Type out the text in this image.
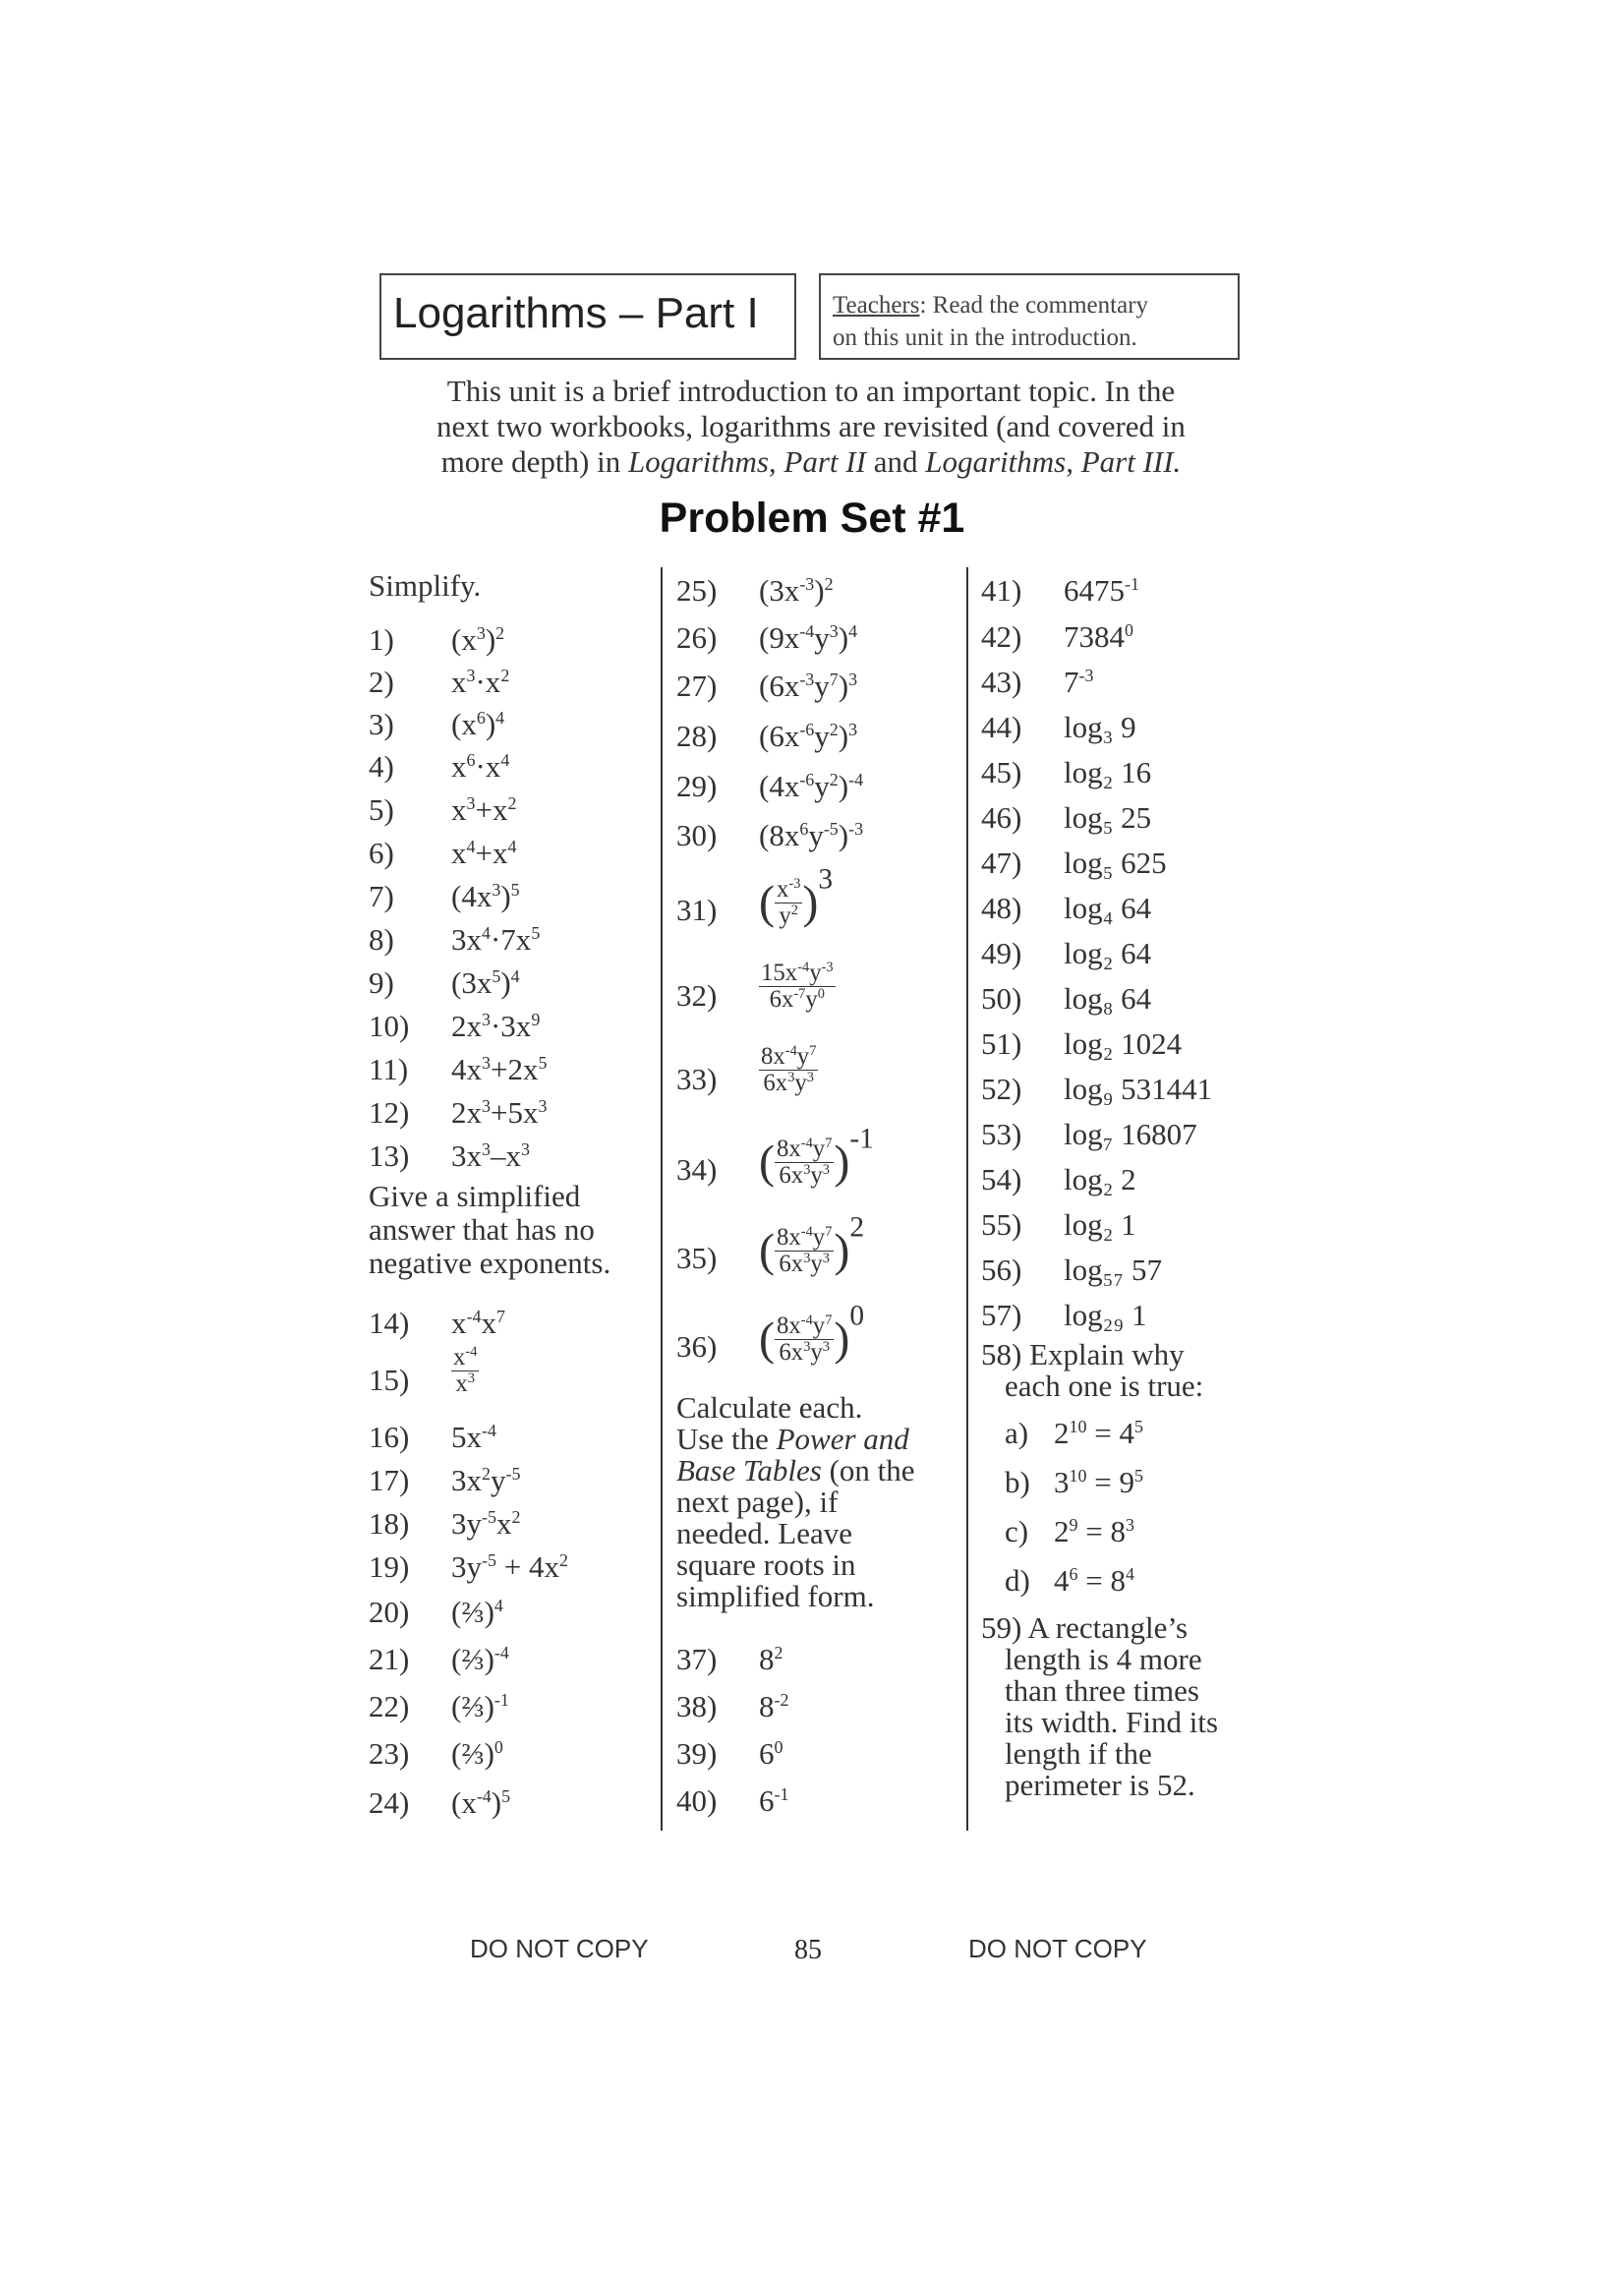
Logarithms – Part I	Teachers: Read the commentary
on this unit in the introduction.
This unit is a brief introduction to an important topic. In the
next two workbooks, logarithms are revisited (and covered in
more depth) in Logarithms, Part II and Logarithms, Part III.
Problem Set #1
Simplify.
1) $(x^3)^2$
2) $x^3\cdot x^2$
3) $(x^6)^4$
4) $x^6\cdot x^4$
5) $x^3+x^2$
6) $x^4+x^4$
7) $(4x^3)^5$
8) $3x^4\cdot 7x^5$
9) $(3x^5)^4$
10) $2x^3\cdot 3x^9$
11) $4x^3+2x^5$
12) $2x^3+5x^3$
13) $3x^3-x^3$
Give a simplified
answer that has no
negative exponents.
14) $x^{-4}x^7$
$15) \frac{x^{-4}}{x^3}$
16) $5x^{-4}$
17) $3x^2y^{-5}$
18) $3y^{-5}x^2$
19) $3y^{-5} + 4x^2$
20) (⅔)$^4$
21) (⅔)$^{-4}$
22) (⅔)$^{-1}$
23) (⅔)$^0$
24) $(x^{-4})^5$
25) $(3x^{-3})^2$
26) $(9x^{-4}y^3)^4$
27) $(6x^{-3}y^7)^3$
28) $(6x^{-6}y^2)^3$
29) $(4x^{-6}y^2)^{-4}$
30) $(8x^6y^{-5})^{-3}$
31) ( $\frac{x^{-3}}{y^2} )3$
$32) \frac{15x^{-4}y^{-3}}{6x^{-7}y^0}$
$33) \frac{8x^{-4}y^7}{6x^3y^3}$
34) ( $\frac{8x^{-4}y^7}{6x^3y^3} )-1$
35) ( $\frac{8x^{-4}y^7}{6x^3y^3} )2$
36) ( $\frac{8x^{-4}y^7}{6x^3y^3} )0$
Calculate each.
Use the Power and
Base Tables (on the
next page), if
needed. Leave
square roots in
simplified form.
37) $8^2$
38) $8^{-2}$
39) $6^0$
40) $6^{-1}$
41) $6475^{-1}$
42) 7384$^0$
43) $7^{-3}$
44) log₃ 9
45) log₂ 16
46) log₅ 25
47) log₅ 625
48) log₄ 64
49) log₂ 64
50) log₈ 64
51) log₂ 1024
52) log₉ 531441
53) log₇ 16807
54) log₂ 2
55) log₂ 1
56) log₅₇ 57
57) log₂₉ 1
58) Explain why
each one is true:
a) $2^{10} = 4^5$
b) $3^{10} = 9^5$
c) $2^9 = 8^3$
d) $4^6 = 8^4$
59) A rectangle’s
length is 4 more
than three times
its width. Find its
length if the
perimeter is 52.
DO NOT COPY	85	DO NOT COPY
